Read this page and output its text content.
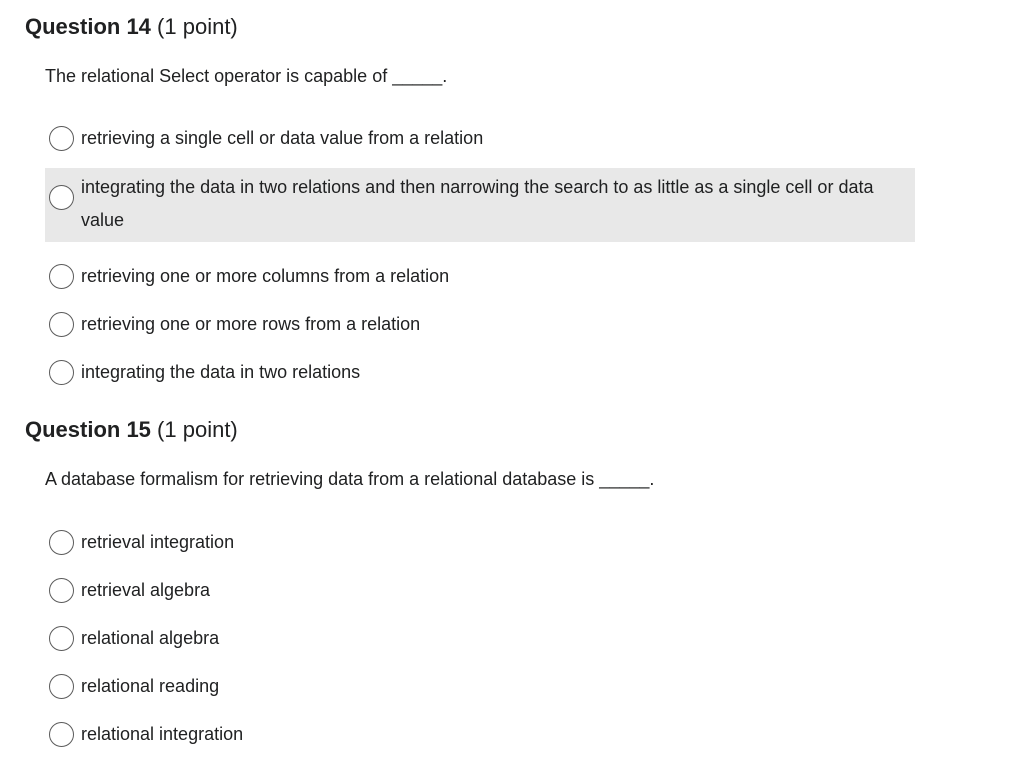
Question 14 (1 point)

The relational Select operator is capable of _____.

retrieving a single cell or data value from a relation
integrating the data in two relations and then narrowing the search to as little as a single cell or data value
retrieving one or more columns from a relation
retrieving one or more rows from a relation
integrating the data in two relations
Question 15 (1 point)

A database formalism for retrieving data from a relational database is _____.

retrieval integration
retrieval algebra
relational algebra
relational reading
relational integration
